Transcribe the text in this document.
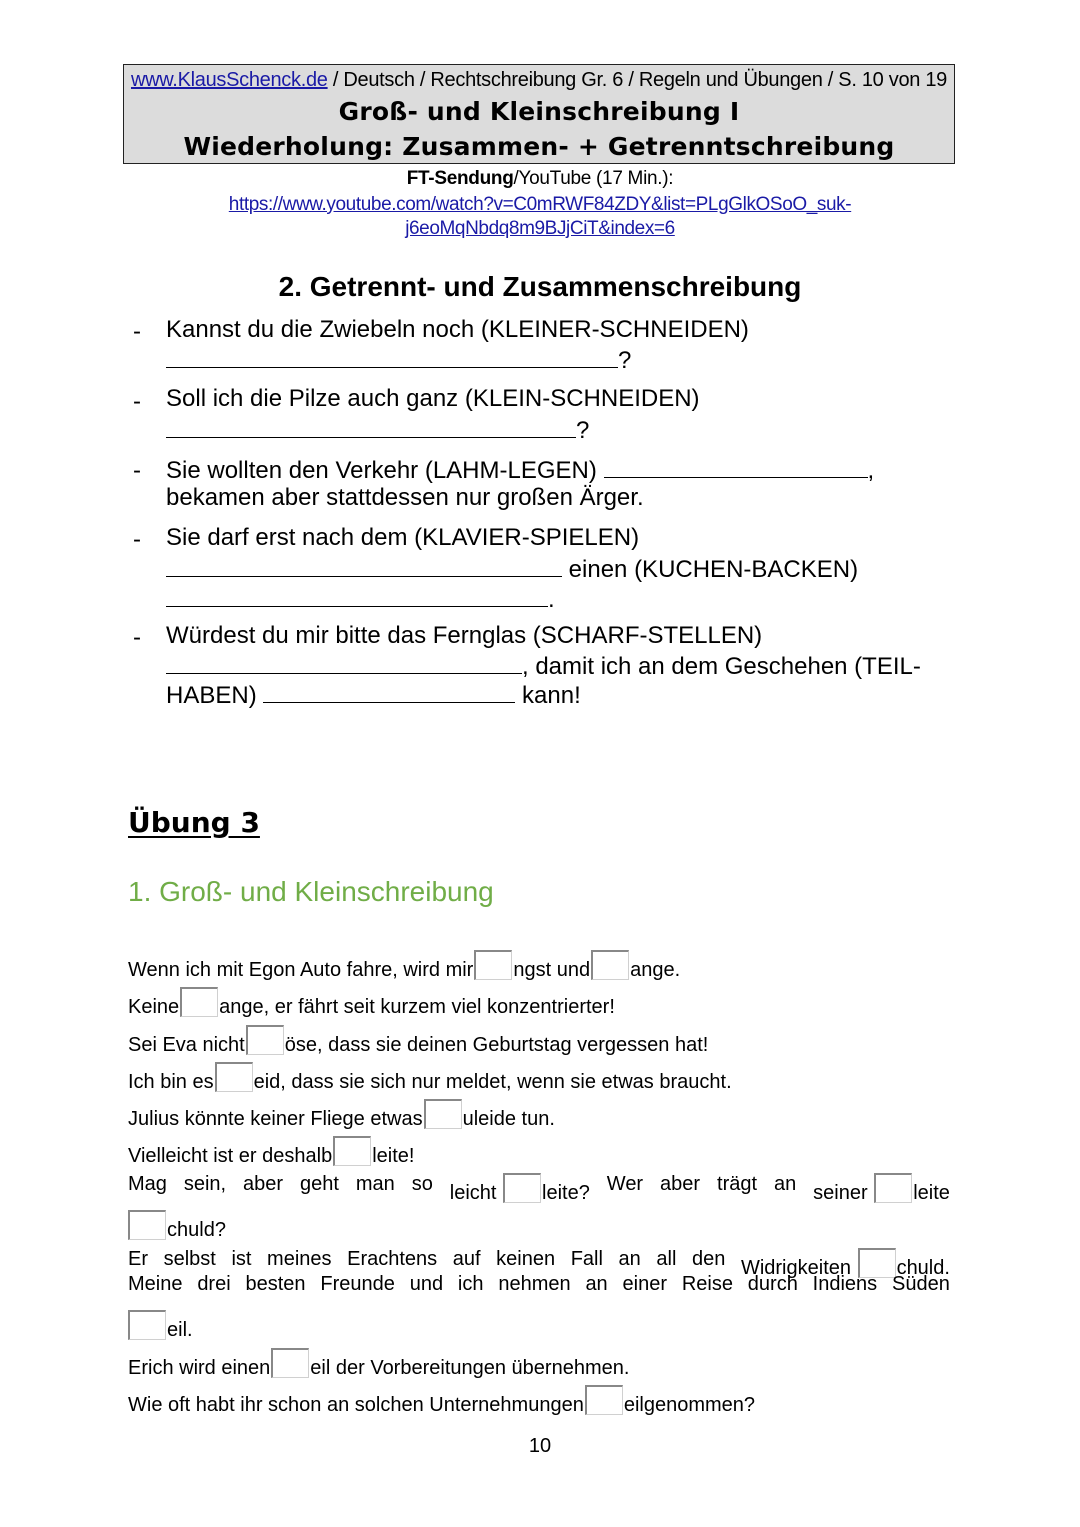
www.KlausSchenck.de / Deutsch / Rechtschreibung Gr. 6 / Regeln und Übungen / S. 10 von 19
Groß- und Kleinschreibung I
Wiederholung: Zusammen- + Getrenntschreibung
FT-Sendung/YouTube (17 Min.):
https://www.youtube.com/watch?v=C0mRWF84ZDY&list=PLgGlkOSoO_suk-
j6eoMqNbdq8m9BJjCiT&index=6
2. Getrennt- und Zusammenschreibung
- Kannst du die Zwiebeln noch (KLEINER-SCHNEIDEN)
?
- Soll ich die Pilze auch ganz (KLEIN-SCHNEIDEN)
?
- Sie wollten den Verkehr (LAHM-LEGEN)	,
bekamen aber stattdessen nur großen Ärger.
- Sie darf erst nach dem (KLAVIER-SPIELEN)
einen (KUCHEN-BACKEN)
.
- Würdest du mir bitte das Fernglas (SCHARF-STELLEN)
, damit ich an dem Geschehen (TEIL-
HABEN)	kann!
Übung 3
1. Groß- und Kleinschreibung
Wenn ich mit Egon Auto fahre, wird mir ngst und ange.
Keine ange, er fährt seit kurzem viel konzentrierter!
Sei Eva nicht öse, dass sie deinen Geburtstag vergessen hat!
Ich bin es eid, dass sie sich nur meldet, wenn sie etwas braucht.
Julius könnte keiner Fliege etwas uleide tun.
Vielleicht ist er deshalb leite!
Mag sein, aber geht man so leicht leite? Wer aber trägt an seiner leite
chuld?
Er selbst ist meines Erachtens auf keinen Fall an all den Widrigkeiten chuld.
Meine drei besten Freunde und ich nehmen an einer Reise durch Indiens Süden
eil.
Erich wird einen eil der Vorbereitungen übernehmen.
Wie oft habt ihr schon an solchen Unternehmungen eilgenommen?
10
